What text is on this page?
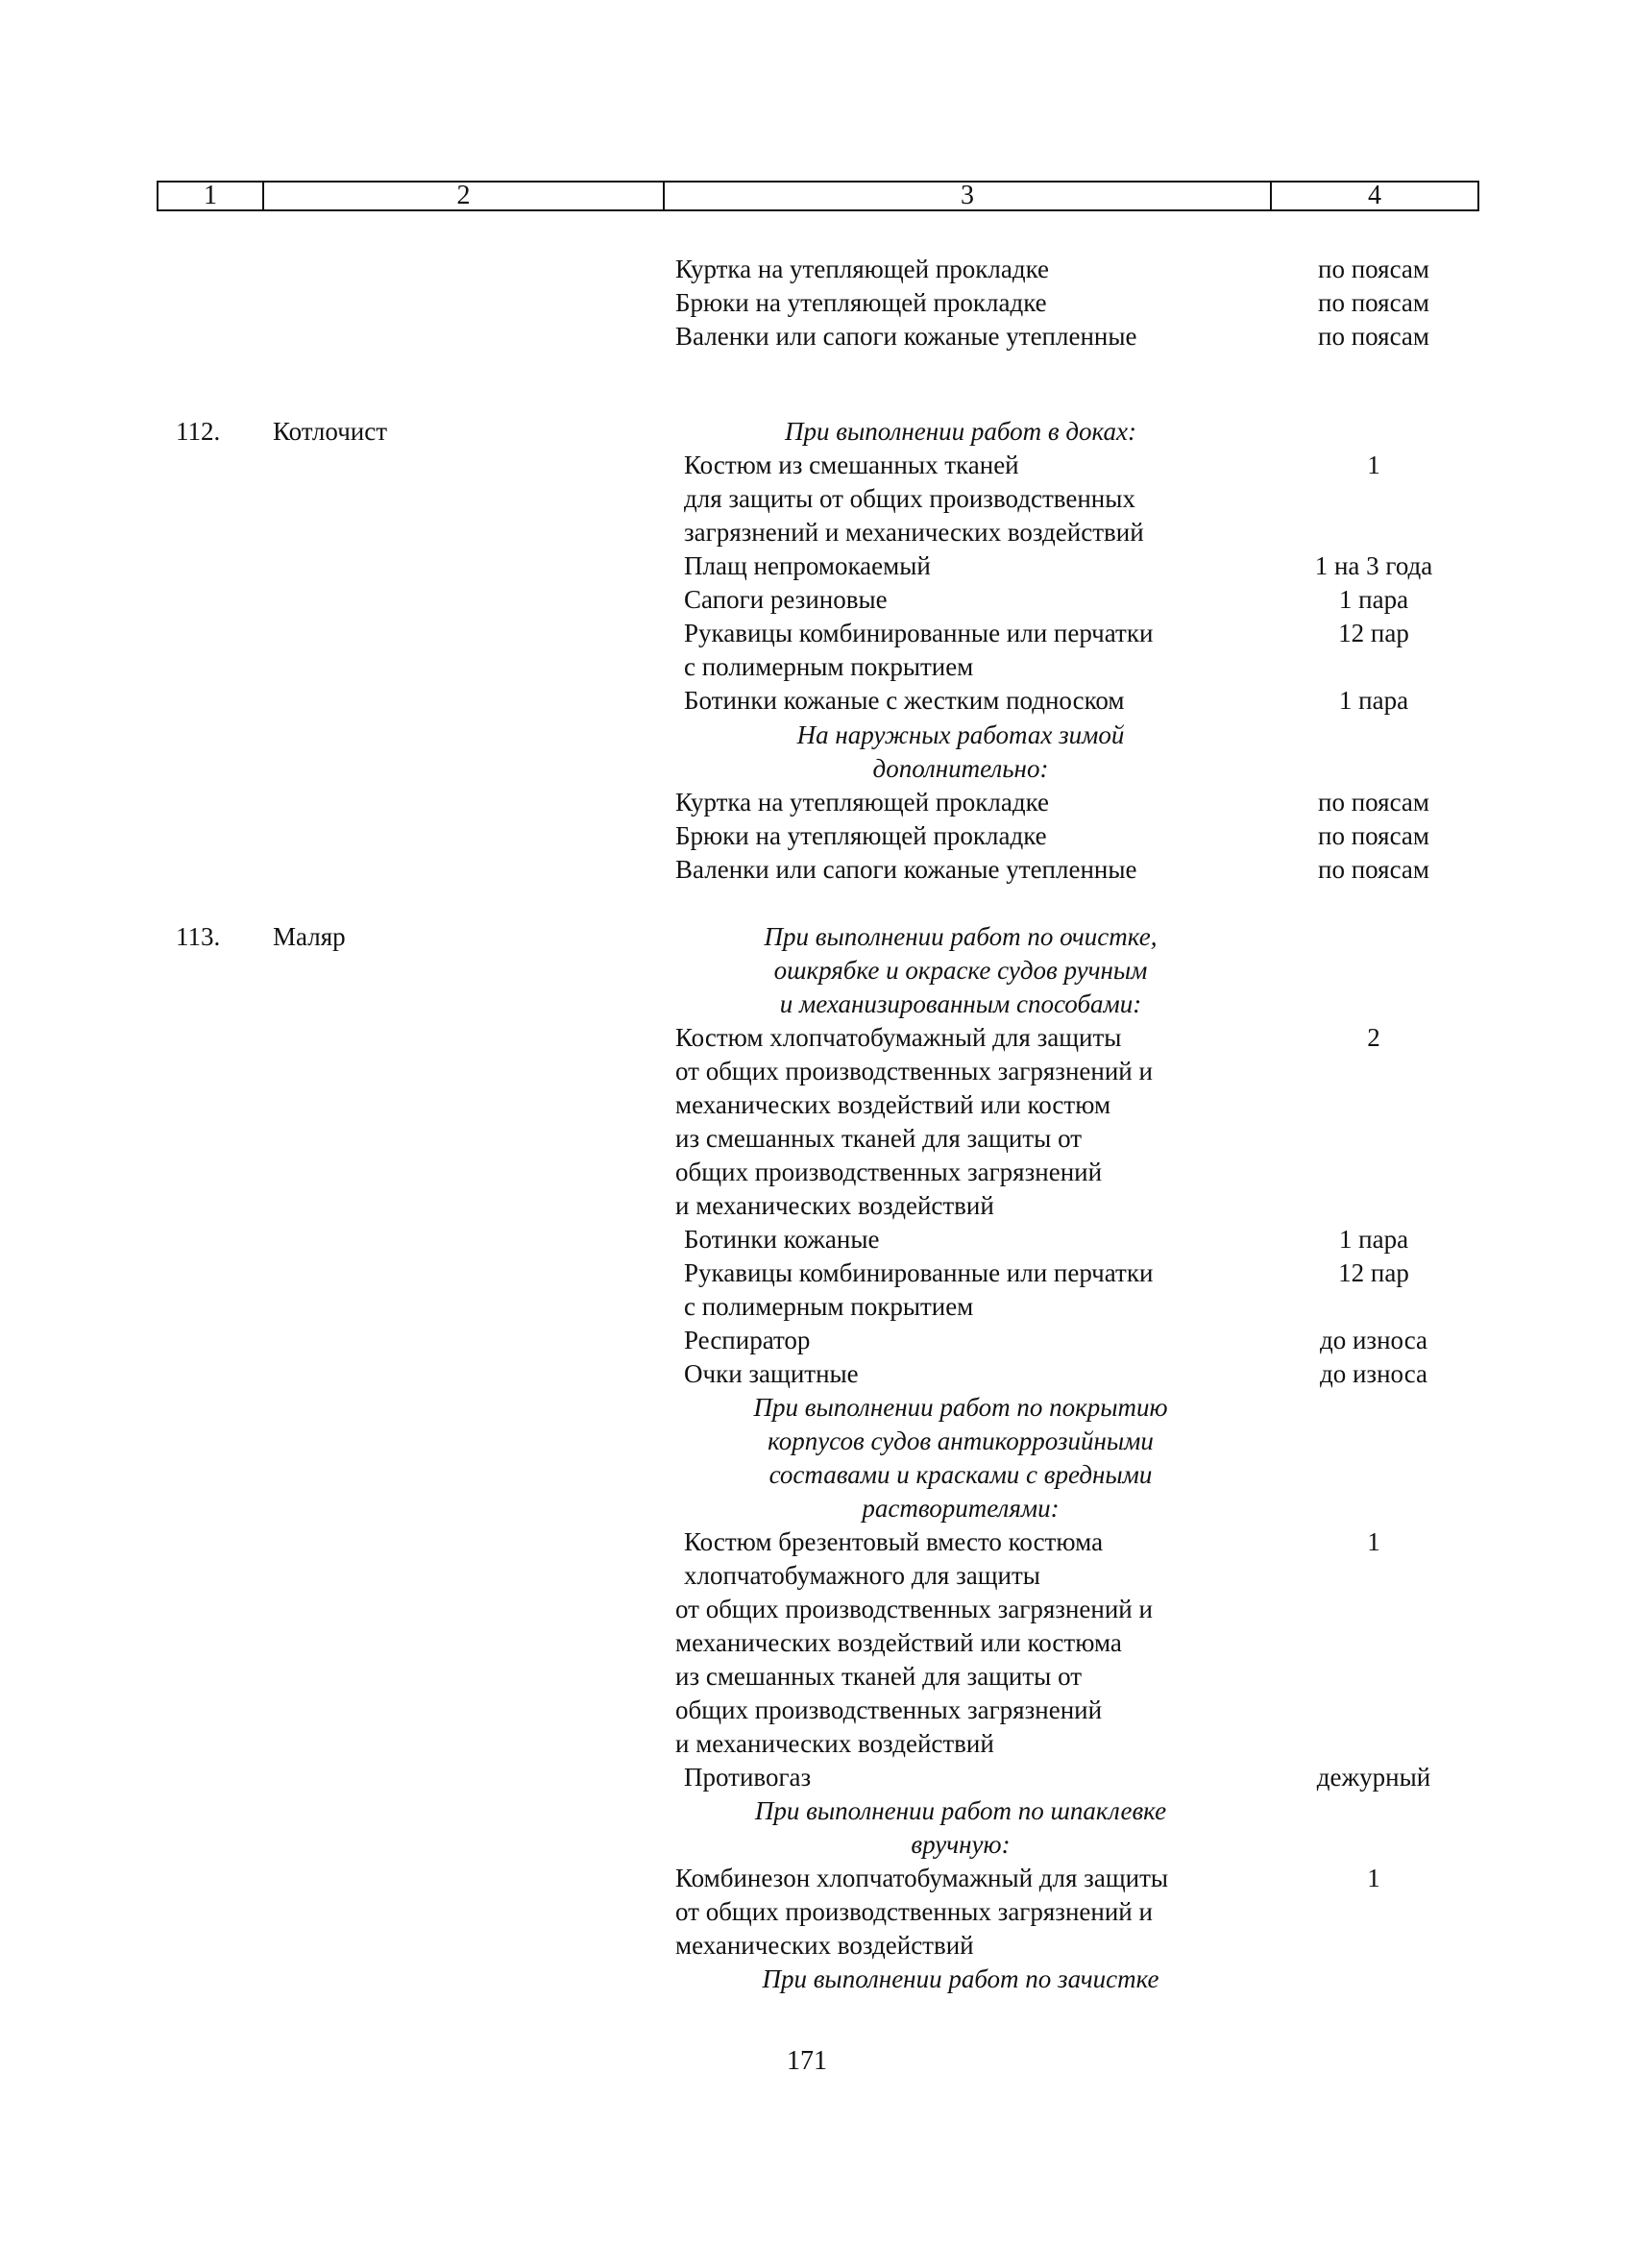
1	2	3	4
Куртка на утепляющей прокладке	по поясам
Брюки на утепляющей прокладке	по поясам
Валенки или сапоги кожаные утепленные	по поясам
112. Котлочист	При выполнении работ в доках:
Костюм из смешанных тканей	1
для защиты от общих производственных
загрязнений и механических воздействий
Плащ непромокаемый	1 на 3 года
Сапоги резиновые	1 пара
Рукавицы комбинированные или перчатки	12 пар
с полимерным покрытием
Ботинки кожаные с жестким подноском	1 пара
На наружных работах зимой
дополнительно:
Куртка на утепляющей прокладке	по поясам
Брюки на утепляющей прокладке	по поясам
Валенки или сапоги кожаные утепленные	по поясам
113. Маляр	При выполнении работ по очистке,
ошкрябке и окраске судов ручным
и механизированным способами:
Костюм хлопчатобумажный для защиты	2
от общих производственных загрязнений и
механических воздействий или костюм
из смешанных тканей для защиты от
общих производственных загрязнений
и механических воздействий
Ботинки кожаные	1 пара
Рукавицы комбинированные или перчатки	12 пар
с полимерным покрытием
Респиратор	до износа
Очки защитные	до износа
При выполнении работ по покрытию
корпусов судов антикоррозийными
составами и красками с вредными
растворителями:
Костюм брезентовый вместо костюма	1
хлопчатобумажного для защиты
от общих производственных загрязнений и
механических воздействий или костюма
из смешанных тканей для защиты от
общих производственных загрязнений
и механических воздействий
Противогаз	дежурный
При выполнении работ по шпаклевке
вручную:
Комбинезон хлопчатобумажный для защиты	1
от общих производственных загрязнений и
механических воздействий
При выполнении работ по зачистке
171
